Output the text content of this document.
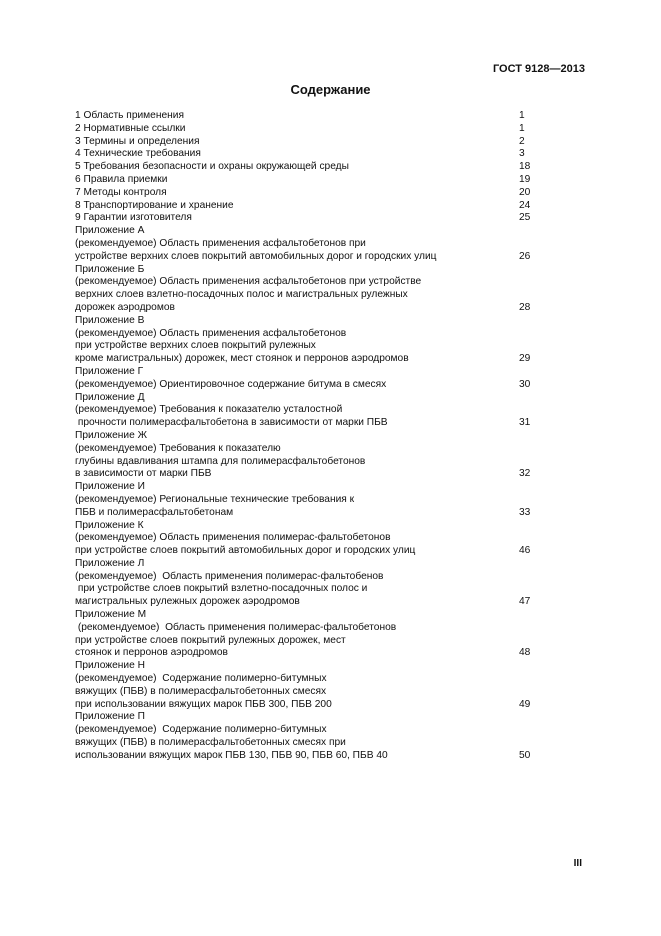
ГОСТ 9128—2013
Содержание
1 Область применения	1
2 Нормативные ссылки	1
3 Термины и определения	2
4 Технические требования	3
5 Требования безопасности и охраны окружающей среды	18
6 Правила приемки	19
7 Методы контроля	20
8 Транспортирование и хранение	24
9 Гарантии изготовителя	25
Приложение А
(рекомендуемое) Область применения асфальтобетонов при
устройстве верхних слоев покрытий автомобильных дорог и городских улиц	26
Приложение Б
(рекомендуемое) Область применения асфальтобетонов при устройстве
верхних слоев взлетно-посадочных полос и магистральных рулежных
дорожек аэродромов	28
Приложение В
(рекомендуемое) Область применения асфальтобетонов
при устройстве верхних слоев покрытий рулежных
кроме магистральных) дорожек, мест стоянок и перронов аэродромов	29
Приложение Г
(рекомендуемое) Ориентировочное содержание битума в смесях	30
Приложение Д
(рекомендуемое) Требования к показателю усталостной
прочности полимерасфальтобетона в зависимости от марки ПБВ	31
Приложение Ж
(рекомендуемое) Требования к показателю
глубины вдавливания штампа для полимерасфальтобетонов
в зависимости от марки ПБВ	32
Приложение И
(рекомендуемое) Региональные технические требования к
ПБВ и полимерасфальтобетонам	33
Приложение К
(рекомендуемое) Область применения полимерас-фальтобетонов
при устройстве слоев покрытий автомобильных дорог и городских улиц	46
Приложение Л
(рекомендуемое)  Область применения полимерас-фальтобенов
при устройстве слоев покрытий взлетно-посадочных полос и
магистральных рулежных дорожек аэродромов	47
Приложение М
(рекомендуемое)  Область применения полимерас-фальтобетонов
при устройстве слоев покрытий рулежных дорожек, мест
стоянок и перронов аэродромов	48
Приложение Н
(рекомендуемое)  Содержание полимерно-битумных
вяжущих (ПБВ) в полимерасфальтобетонных смесях
при использовании вяжущих марок ПБВ 300, ПБВ 200	49
Приложение П
(рекомендуемое)  Содержание полимерно-битумных
вяжущих (ПБВ) в полимерасфальтобетонных смесях при
использовании вяжущих марок ПБВ 130, ПБВ 90, ПБВ 60, ПБВ 40	50
III
